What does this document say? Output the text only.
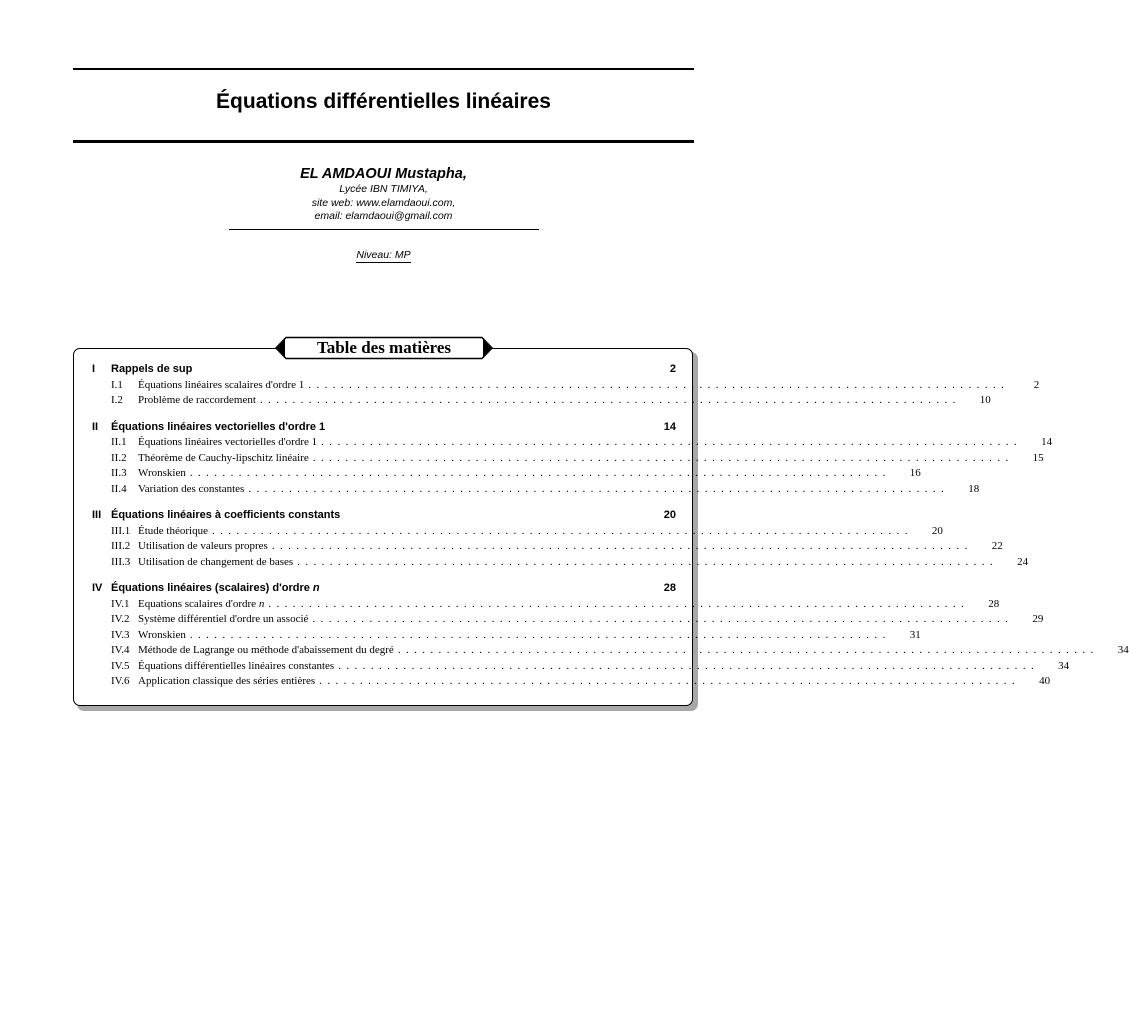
Équations différentielles linéaires
EL AMDAOUI Mustapha,
Lycée IBN TIMIYA,
site web: www.elamdaoui.com,
email: elamdaoui@gmail.com
Niveau: MP
Table des matières
I	Rappels de sup	2
I.1	Équations linéaires scalaires d'ordre 1 ......................................................................................	2
I.2	Problème de raccordement ......................................................................................	10
II	Équations linéaires vectorielles d'ordre 1	14
II.1	Équations linéaires vectorielles d'ordre 1 ......................................................................................	14
II.2	Théorème de Cauchy-lipschitz linéaire ......................................................................................	15
II.3	Wronskien ......................................................................................	16
II.4	Variation des constantes ......................................................................................	18
III Équations linéaires à coefficients constants	20
III.1 Étude théorique ......................................................................................	20
III.2 Utilisation de valeurs propres ......................................................................................	22
III.3 Utilisation de changement de bases ......................................................................................	24
IV Équations linéaires (scalaires) d'ordre n	28
IV.1 Equations scalaires d'ordre n ......................................................................................	28
IV.2 Système différentiel d'ordre un associé ......................................................................................	29
IV.3 Wronskien ......................................................................................	31
IV.4 Méthode de Lagrange ou méthode d'abaissement du degré ......................................................................................	34
IV.5 Équations différentielles linéaires constantes ......................................................................................	34
IV.6 Application classique des séries entières ......................................................................................	40
